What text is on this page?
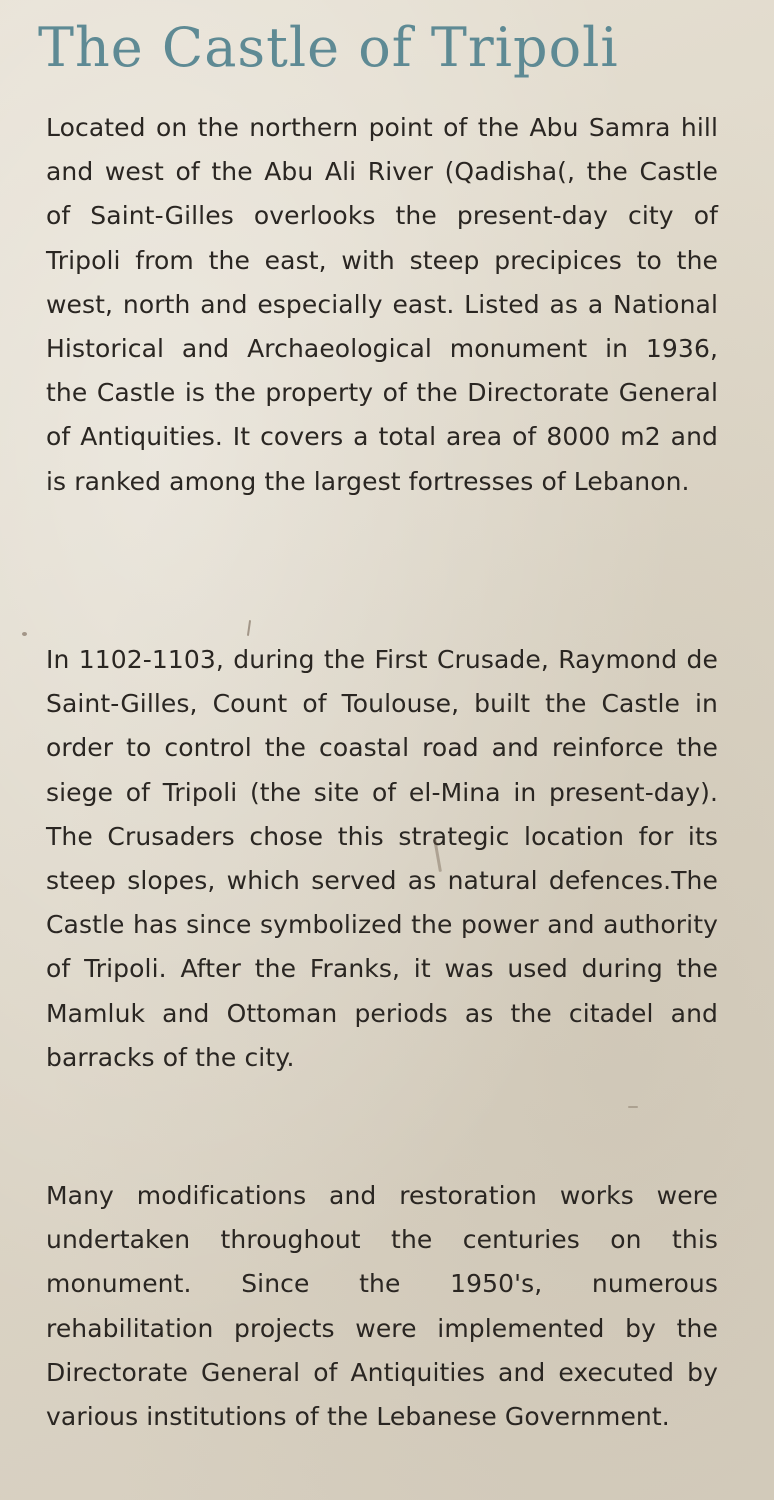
The Castle of Tripoli

Located on the northern point of the Abu Samra hill and west of the Abu Ali River (Qadisha(, the Castle of Saint-Gilles overlooks the present-day city of Tripoli from the east, with steep precipices to the west, north and especially east. Listed as a National Historical and Archaeological monument in 1936, the Castle is the property of the Directorate General of Antiquities. It covers a total area of 8000 m2 and is ranked among the largest fortresses of Lebanon.

In 1102-1103, during the First Crusade, Raymond de Saint-Gilles, Count of Toulouse, built the Castle in order to control the coastal road and reinforce the siege of Tripoli (the site of el-Mina in present-day). The Crusaders chose this strategic location for its steep slopes, which served as natural defences.The Castle has since symbolized the power and authority of Tripoli. After the Franks, it was used during the Mamluk and Ottoman periods as the citadel and barracks of the city.

Many modifications and restoration works were undertaken throughout the centuries on this monument. Since the 1950's, numerous rehabilitation projects were implemented by the Directorate General of Antiquities and executed by various institutions of the Lebanese Government.
